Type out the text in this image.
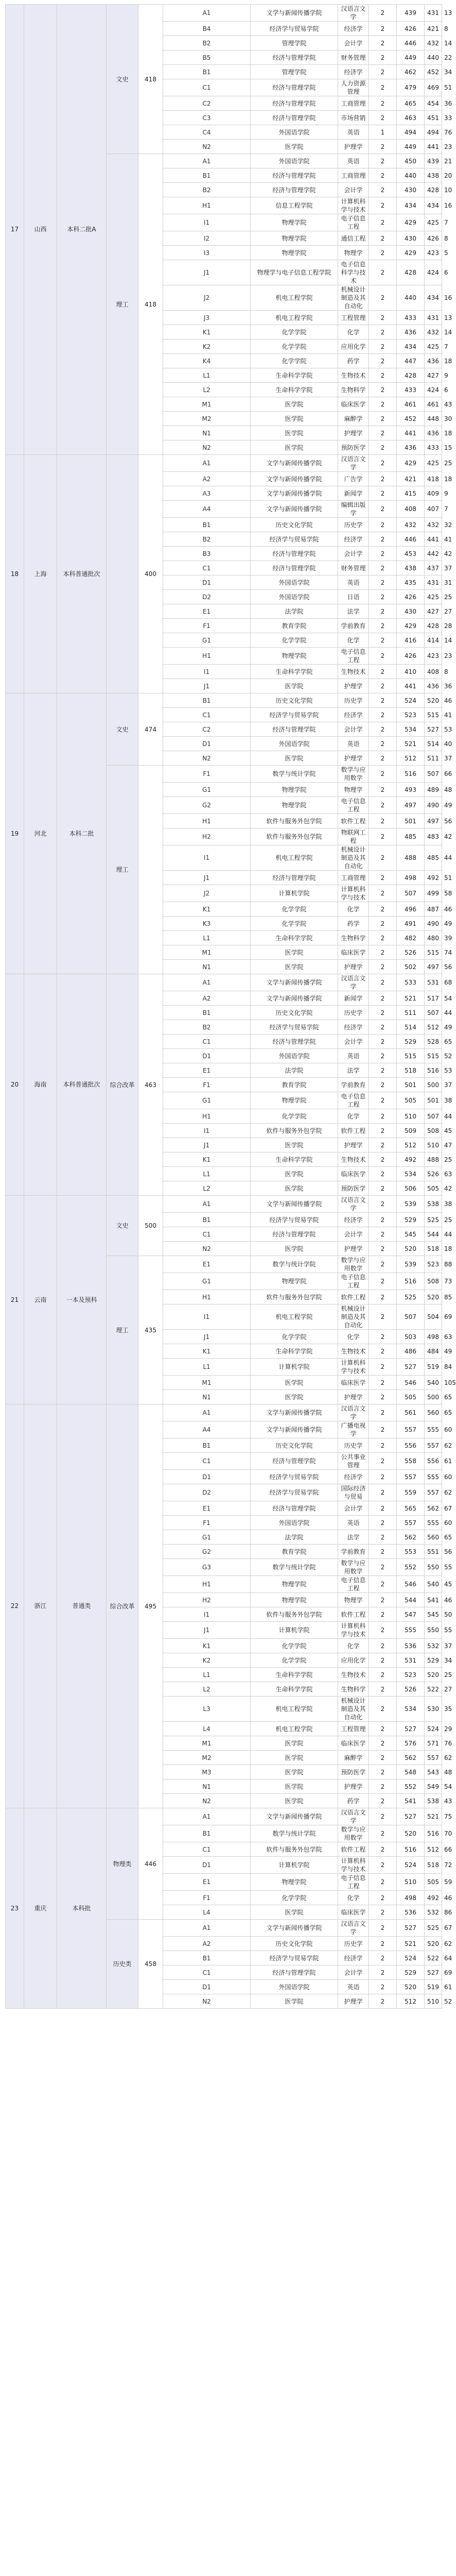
17	山西	本科二批A	文史	418	A1	文学与新闻传播学院	汉语言文学	2	439	431	13
					B4	经济学与贸易学院	经济学	2	426	421	8
					B2	管理学院	会计学	2	446	432	14
					B5	经济与管理学院	财务管理	2	449	440	22
					B1	管理学院	经济学	2	462	452	34
					C1	经济与管理学院	人力资源管理	2	479	469	51
					C2	经济与管理学院	工商管理	2	465	454	36
					C3	经济与管理学院	市场营销	2	463	451	33
					C4	外国语学院	英语	1	494	494	76
					N2	医学院	护理学	2	449	441	23

			理工	418	A1	外国语学院	英语	2	450	439	21
					B1	经济与管理学院	工商管理	2	440	438	20
					B2	经济与管理学院	会计学	2	430	428	10
					H1	信息工程学院	计算机科学与技术	2	434	434	16
					I1	物理学院	电子信息工程	2	429	425	7
					I2	物理学院	通信工程	2	430	426	8
					I3	物理学院	物理学	2	429	423	5
					J1	物理学与电子信息工程学院	电子信息科学与技术	2	428	424	6
					J2	机电工程学院	机械设计制造及其自动化	2	440	434	16
					J3	机电工程学院	工程管理	2	433	431	13
					K1	化学学院	化学	2	436	432	14
					K2	化学学院	应用化学	2	434	425	7
					K4	化学学院	药学	2	447	436	18
					L1	生命科学学院	生物技术	2	428	427	9
					L2	生命科学学院	生物科学	2	433	424	6
					M1	医学院	临床医学	2	461	461	43
					M2	医学院	麻醉学	2	452	448	30
					N1	医学院	护理学	2	441	436	18
					N2	医学院	预防医学	2	436	433	15

18	上海	本科普通批次		400	A1	文学与新闻传播学院	汉语言文学	2	429	425	25
					A2	文学与新闻传播学院	广告学	2	421	418	18
					A3	文学与新闻传播学院	新闻学	2	415	409	9
					A4	文学与新闻传播学院	编辑出版学	2	408	407	7
					B1	历史文化学院	历史学	2	432	432	32
					B2	经济学与贸易学院	经济学	2	446	441	41
					B3	经济与管理学院	会计学	2	453	442	42
					C1	经济与管理学院	财务管理	2	438	437	37
					D1	外国语学院	英语	2	435	431	31
					D2	外国语学院	日语	2	426	425	25
					E1	法学院	法学	2	430	427	27
					F1	教育学院	学前教育	2	429	428	28
					G1	化学学院	化学	2	416	414	14
					H1	物理学院	电子信息工程	2	426	423	23
					I1	生命科学学院	生物技术	2	410	408	8
					J1	医学院	护理学	2	441	436	36

19	河北	本科二批	文史	474	B1	历史文化学院	历史学	2	524	520	46
					C1	经济学与贸易学院	经济学	2	523	515	41
					C2	经济与管理学院	会计学	2	534	527	53
					D1	外国语学院	英语	2	521	514	40
					N2	医学院	护理学	2	512	511	37

			理工		F1	数学与统计学院	数学与应用数学	2	516	507	66
					G1	物理学院	物理学	2	493	489	48
					G2	物理学院	电子信息工程	2	497	490	49
					H1	软件与服务外包学院	软件工程	2	501	497	56
					H2	软件与服务外包学院	物联网工程	2	485	483	42
					I1	机电工程学院	机械设计制造及其自动化	2	488	485	44
					J1	经济与管理学院	工商管理	2	498	492	51
					J2	计算机学院	计算机科学与技术	2	507	499	58
					K1	化学学院	化学	2	496	487	46
					K3	化学学院	药学	2	491	490	49
					L1	生命科学学院	生物科学	2	482	480	39
					M1	医学院	临床医学	2	526	515	74
					N1	医学院	护理学	2	502	497	56

20	海南	本科普通批次	综合改革	463	A1	文学与新闻传播学院	汉语言文学	2	533	531	68
					A2	文学与新闻传播学院	新闻学	2	521	517	54
					B1	历史文化学院	历史学	2	511	507	44
					B2	经济学与贸易学院	经济学	2	514	512	49
					C1	经济与管理学院	会计学	2	529	528	65
					D1	外国语学院	英语	2	515	515	52
					E1	法学院	法学	2	518	516	53
					F1	教育学院	学前教育	2	501	500	37
					G1	物理学院	电子信息工程	2	505	501	38
					H1	化学学院	化学	2	510	507	44
					I1	软件与服务外包学院	软件工程	2	509	508	45
					J1	医学院	护理学	2	512	510	47
					K1	生命科学学院	生物技术	2	492	488	25
					L1	医学院	临床医学	2	534	526	63
					L2	医学院	预防医学	2	506	505	42

21	云南	一本及预科	文史	500	A1	文学与新闻传播学院	汉语言文学	2	539	538	38
					B1	经济学与贸易学院	经济学	2	529	525	25
					C1	经济与管理学院	会计学	2	545	544	44
					N2	医学院	护理学	2	520	518	18

			理工	435	E1	数学与统计学院	数学与应用数学	2	539	523	88
					G1	物理学院	电子信息工程	2	516	508	73
					H1	软件与服务外包学院	软件工程	2	525	520	85
					I1	机电工程学院	机械设计制造及其自动化	2	507	504	69
					J1	化学学院	化学	2	503	498	63
					K1	生命科学学院	生物技术	2	486	484	49
					L1	计算机学院	计算机科学与技术	2	527	519	84
					M1	医学院	临床医学	2	546	540	105
					N1	医学院	护理学	2	505	500	65

22	浙江	普通类	综合改革	495	A1	文学与新闻传播学院	汉语言文学	2	561	560	65
					A4	文学与新闻传播学院	广播电视学	2	557	555	60
					B1	历史文化学院	历史学	2	556	557	62
					C1	经济与管理学院	公共事业管理	2	558	556	61
					D1	经济学与贸易学院	经济学	2	557	555	60
					D2	经济学与贸易学院	国际经济与贸易	2	559	557	62
					E1	经济与管理学院	会计学	2	565	562	67
					F1	外国语学院	英语	2	557	555	60
					G1	法学院	法学	2	562	560	65
					G2	教育学院	学前教育	2	553	551	56
					G3	数学与统计学院	数学与应用数学	2	552	550	55
					H1	物理学院	电子信息工程	2	546	540	45
					H2	物理学院	物理学	2	544	541	46
					I1	软件与服务外包学院	软件工程	2	547	545	50
					J1	计算机学院	计算机科学与技术	2	555	550	55
					K1	化学学院	化学	2	536	532	37
					K2	化学学院	应用化学	2	531	529	34
					L1	生命科学学院	生物技术	2	523	520	25
					L2	生命科学学院	生物科学	2	526	522	27
					L3	机电工程学院	机械设计制造及其自动化	2	534	530	35
					L4	机电工程学院	工程管理	2	527	524	29
					M1	医学院	临床医学	2	576	571	76
					M2	医学院	麻醉学	2	562	557	62
					M3	医学院	预防医学	2	548	543	48
					N1	医学院	护理学	2	552	549	54
					N2	医学院	药学	2	541	538	43

23	重庆	本科批	物理类	446	A1	文学与新闻传播学院	汉语言文学	2	527	521	75
					B1	数学与统计学院	数学与应用数学	2	520	516	70
					C1	软件与服务外包学院	软件工程	2	516	512	66
					D1	计算机学院	计算机科学与技术	2	524	518	72
					E1	物理学院	电子信息工程	2	510	505	59
					F1	化学学院	化学	2	498	492	46
					L4	医学院	临床医学	2	536	532	86

			历史类	458	A1	文学与新闻传播学院	汉语言文学	2	527	525	67
					A2	历史文化学院	历史学	2	521	520	62
					B1	经济学与贸易学院	经济学	2	524	522	64
					C1	经济与管理学院	会计学	2	529	527	69
					D1	外国语学院	英语	2	520	519	61
					N2	医学院	护理学	2	512	510	52
